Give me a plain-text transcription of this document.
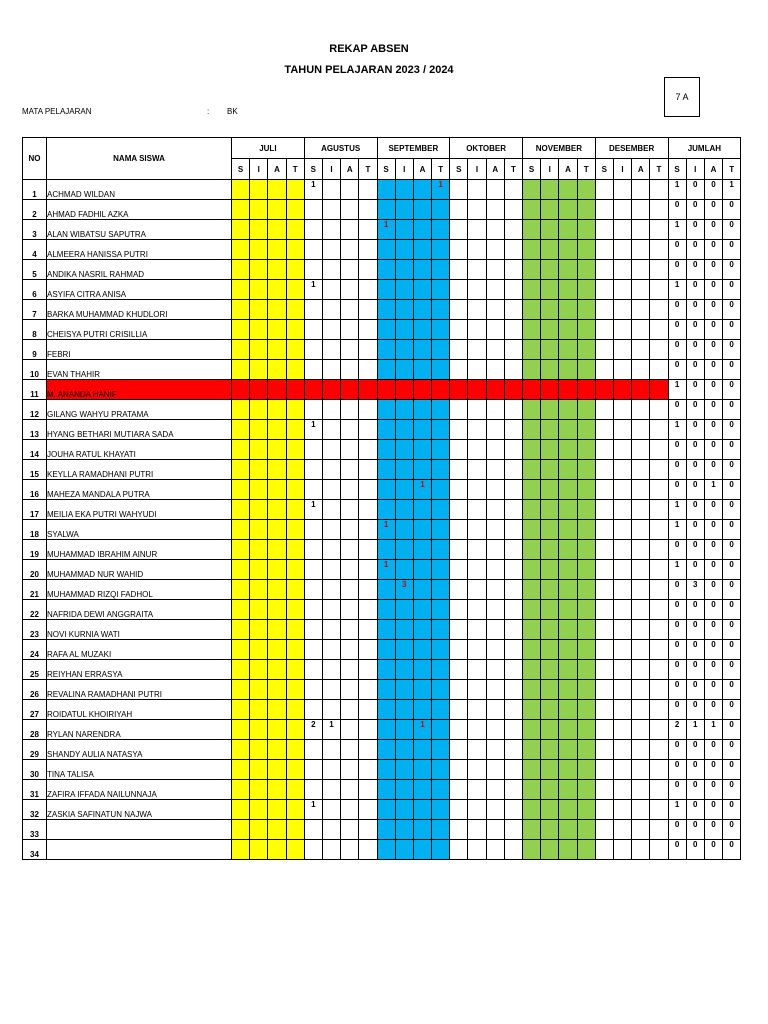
REKAP ABSEN
TAHUN PELAJARAN 2023 / 2024
7 A
MATA PELAJARAN	: BK
NO	NAMA SISWA	JULI				AGUSTUS				SEPTEMBER				OKTOBER				NOVEMBER				DESEMBER				JUMLAH			
		S	I	A	T	S	I	A	T	S	I	A	T	S	I	A	T	S	I	A	T	S	I	A	T	S	I	A	T
1	ACHMAD WILDAN					1							1													1	0	0	1
2	AHMAD FADHIL AZKA																									0	0	0	0
3	ALAN WIBATSU SAPUTRA									1																1	0	0	0
4	ALMEERA HANISSA PUTRI																									0	0	0	0
5	ANDIKA NASRIL RAHMAD																									0	0	0	0
6	ASYIFA CITRA ANISA					1																				1	0	0	0
7	BARKA MUHAMMAD KHUDLORI																									0	0	0	0
8	CHEISYA PUTRI CRISILLIA																									0	0	0	0
9	FEBRI																									0	0	0	0
10	EVAN THAHIR																									0	0	0	0
11	M. ANANDA HANIF																									1	0	0	0
12	GILANG WAHYU PRATAMA																									0	0	0	0
13	HYANG BETHARI MUTIARA SADA					1																				1	0	0	0
14	JOUHA RATUL KHAYATI																									0	0	0	0
15	KEYLLA RAMADHANI PUTRI																									0	0	0	0
16	MAHEZA MANDALA PUTRA											1														0	0	1	0
17	MEILIA EKA PUTRI WAHYUDI					1																				1	0	0	0
18	SYALWA									1																1	0	0	0
19	MUHAMMAD IBRAHIM AINUR																									0	0	0	0
20	MUHAMMAD NUR WAHID									1																1	0	0	0
21	MUHAMMAD RIZQI FADHOL										3															0	3	0	0
22	NAFRIDA DEWI ANGGRAITA																									0	0	0	0
23	NOVI KURNIA WATI																									0	0	0	0
24	RAFA AL MUZAKI																									0	0	0	0
25	REIYHAN ERRASYA																									0	0	0	0
26	REVALINA RAMADHANI PUTRI																									0	0	0	0
27	ROIDATUL KHOIRIYAH																									0	0	0	0
28	RYLAN NARENDRA					2	1					1														2	1	1	0
29	SHANDY AULIA NATASYA																									0	0	0	0
30	TINA TALISA																									0	0	0	0
31	ZAFIRA IFFADA NAILUNNAJA																									0	0	0	0
32	ZASKIA SAFINATUN NAJWA					1																				1	0	0	0
33																										0	0	0	0
34																										0	0	0	0
